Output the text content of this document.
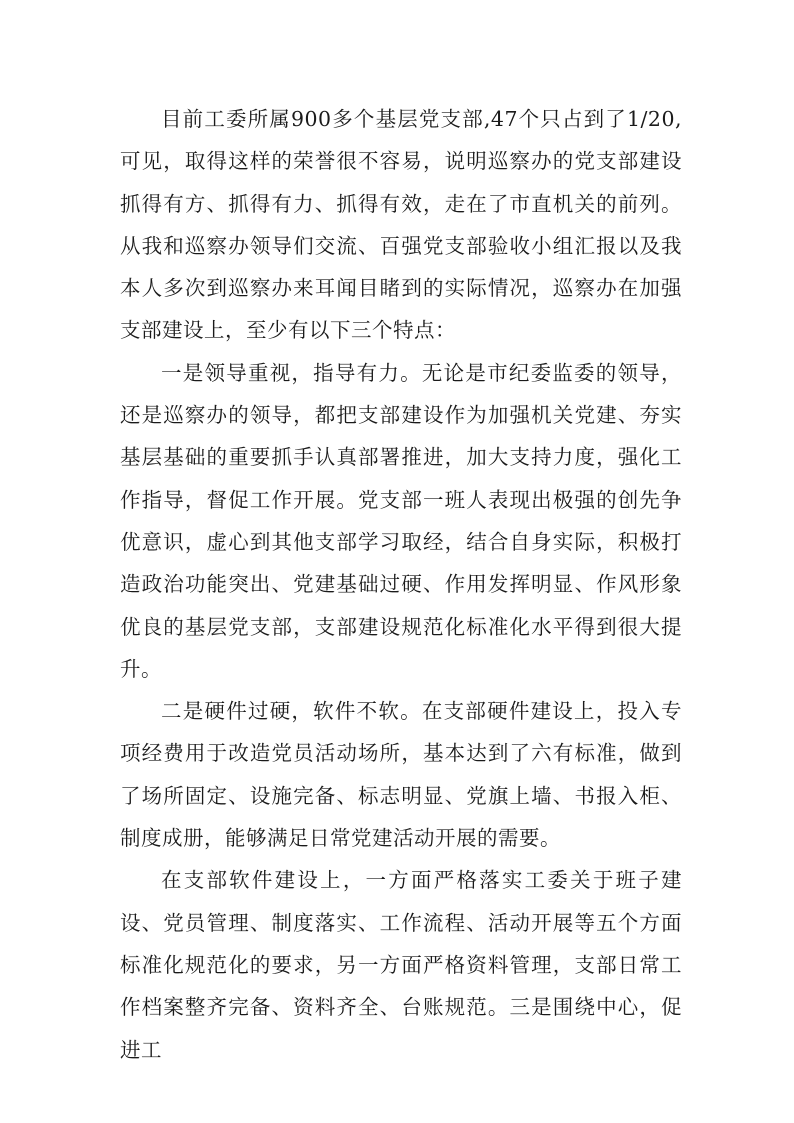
目前工委所属900多个基层党支部,47个只占到了1/20,可见，取得这样的荣誉很不容易，说明巡察办的党支部建设抓得有方、抓得有力、抓得有效，走在了市直机关的前列。从我和巡察办领导们交流、百强党支部验收小组汇报以及我本人多次到巡察办来耳闻目睹到的实际情况，巡察办在加强支部建设上，至少有以下三个特点：

一是领导重视，指导有力。无论是市纪委监委的领导，还是巡察办的领导，都把支部建设作为加强机关党建、夯实基层基础的重要抓手认真部署推进，加大支持力度，强化工作指导，督促工作开展。党支部一班人表现出极强的创先争优意识，虚心到其他支部学习取经，结合自身实际，积极打造政治功能突出、党建基础过硬、作用发挥明显、作风形象优良的基层党支部，支部建设规范化标准化水平得到很大提升。

二是硬件过硬，软件不软。在支部硬件建设上，投入专项经费用于改造党员活动场所，基本达到了六有标准，做到了场所固定、设施完备、标志明显、党旗上墙、书报入柜、制度成册，能够满足日常党建活动开展的需要。

在支部软件建设上，一方面严格落实工委关于班子建设、党员管理、制度落实、工作流程、活动开展等五个方面标准化规范化的要求，另一方面严格资料管理，支部日常工作档案整齐完备、资料齐全、台账规范。三是围绕中心，促进工
